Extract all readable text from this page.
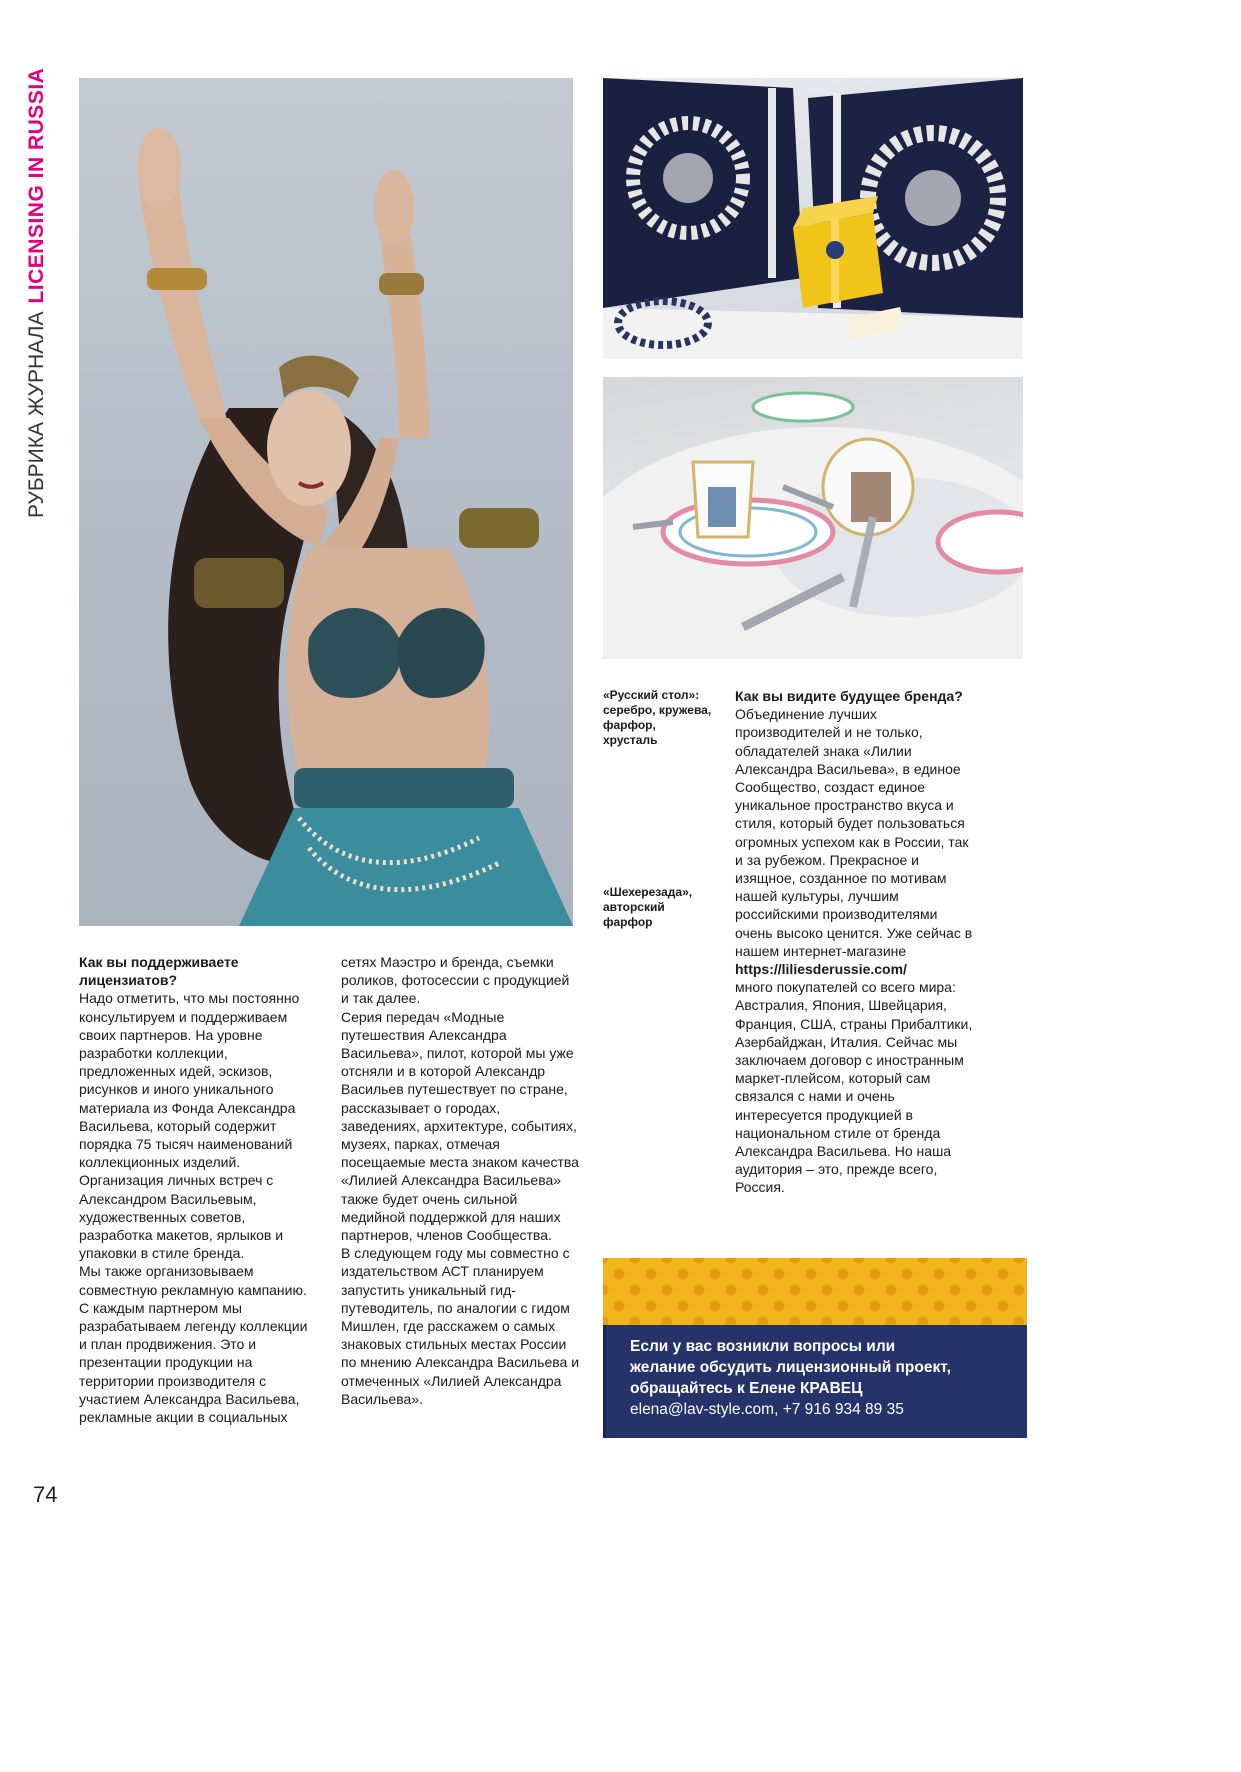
РУБРИКА ЖУРНАЛА
LICENSING IN RUSSIA
«Русский стол»: серебро, кружева, фарфор, хрусталь
«Шехерезада», авторский фарфор

Как вы поддерживаете лицензиатов?

Надо отметить, что мы постоянно консультируем и поддерживаем своих партнеров. На уровне разработки коллекции, предложенных идей, эскизов, рисунков и иного уникального материала из Фонда Александра Васильева, который содержит порядка 75 тысяч наименований коллекционных изделий. Организация личных встреч с Александром Васильевым, художественных советов, разработка макетов, ярлыков и упаковки в стиле бренда.

Мы также организовываем совместную рекламную кампанию. С каждым партнером мы разрабатываем легенду коллекции и план продвижения. Это и презентации продукции на территории производителя с участием Александра Васильева, рекламные акции в социальных

сетях Маэстро и бренда, съемки роликов, фотосессии с продукцией и так далее.

Серия передач «Модные путешествия Александра Васильева», пилот, которой мы уже отсняли и в которой Александр Васильев путешествует по стране, рассказывает о городах, заведениях, архитектуре, событиях, музеях, парках, отмечая посещаемые места знаком качества «Лилией Александра Васильева» также будет очень сильной медийной поддержкой для наших партнеров, членов Сообщества.

В следующем году мы совместно с издательством АСТ планируем запустить уникальный гид-путеводитель, по аналогии с гидом Мишлен, где расскажем о самых знаковых стильных местах России по мнению Александра Васильева и отмеченных «Лилией Александра Васильева».

Как вы видите будущее бренда?

Объединение лучших производителей и не только, обладателей знака «Лилии Александра Васильева», в единое Сообщество, создаст единое уникальное пространство вкуса и стиля, который будет пользоваться огромных успехом как в России, так и за рубежом. Прекрасное и изящное, созданное по мотивам нашей культуры, лучшим российскими производителями очень высоко ценится. Уже сейчас в нашем интернет-магазине

https://liliesderussie.com/

много покупателей со всего мира: Австралия, Япония, Швейцария, Франция, США, страны Прибалтики, Азербайджан, Италия. Сейчас мы заключаем договор с иностранным маркет-плейсом, который сам связался с нами и очень интересуется продукцией в национальном стиле от бренда Александра Васильева. Но наша аудитория – это, прежде всего, Россия.

Если у вас возникли вопросы или
желание обсудить лицензионный проект,
обращайтесь к Елене КРАВЕЦ
elena@lav-style.com, +7 916 934 89 35
74
